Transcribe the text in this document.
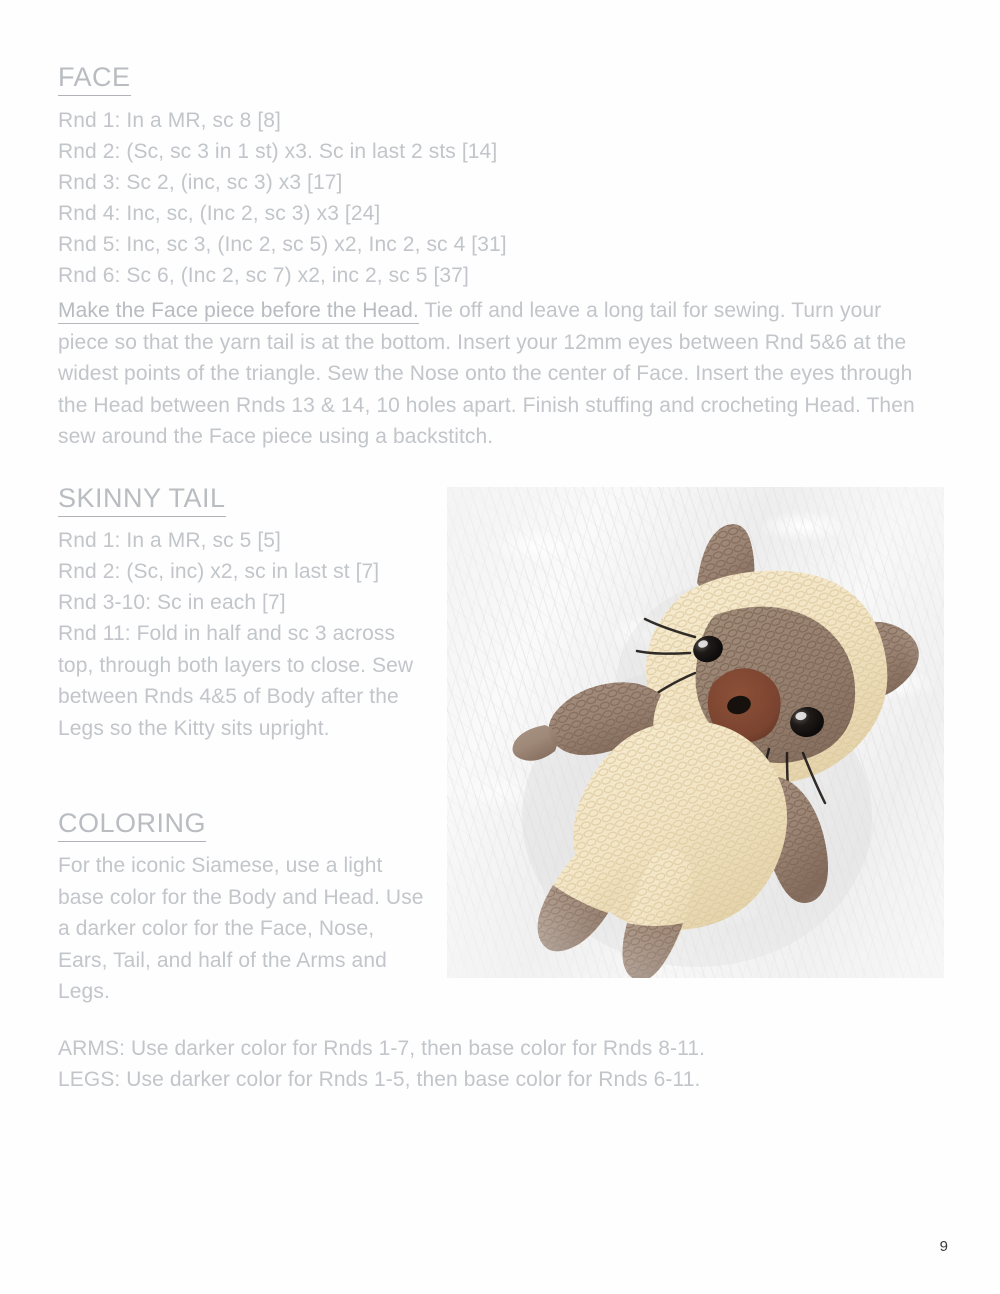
FACE
Rnd 1: In a MR, sc 8 [8]
Rnd 2: (Sc, sc 3 in 1 st) x3. Sc in last 2 sts [14]
Rnd 3: Sc 2, (inc, sc 3) x3 [17]
Rnd 4: Inc, sc, (Inc 2, sc 3) x3 [24]
Rnd 5: Inc, sc 3, (Inc 2, sc 5) x2, Inc 2, sc 4 [31]
Rnd 6: Sc 6, (Inc 2, sc 7) x2, inc 2, sc 5 [37]
Make the Face piece before the Head. Tie off and leave a long tail for sewing. Turn your piece so that the yarn tail is at the bottom. Insert your 12mm eyes between Rnd 5&6 at the widest points of the triangle. Sew the Nose onto the center of Face. Insert the eyes through the Head between Rnds 13 & 14, 10 holes apart. Finish stuffing and crocheting Head. Then sew around the Face piece using a backstitch.
SKINNY TAIL
Rnd 1: In a MR, sc 5 [5]
Rnd 2: (Sc, inc) x2, sc in last st [7]
Rnd 3-10: Sc in each [7]
Rnd 11: Fold in half and sc 3 across top, through both layers to close. Sew between Rnds 4&5 of Body after the Legs so the Kitty sits upright.
COLORING
For the iconic Siamese, use a light base color for the Body and Head. Use a darker color for the Face, Nose, Ears, Tail, and half of the Arms and Legs.
ARMS: Use darker color for Rnds 1-7, then base color for Rnds 8-11.
LEGS: Use darker color for Rnds 1-5, then base color for Rnds 6-11.
9
